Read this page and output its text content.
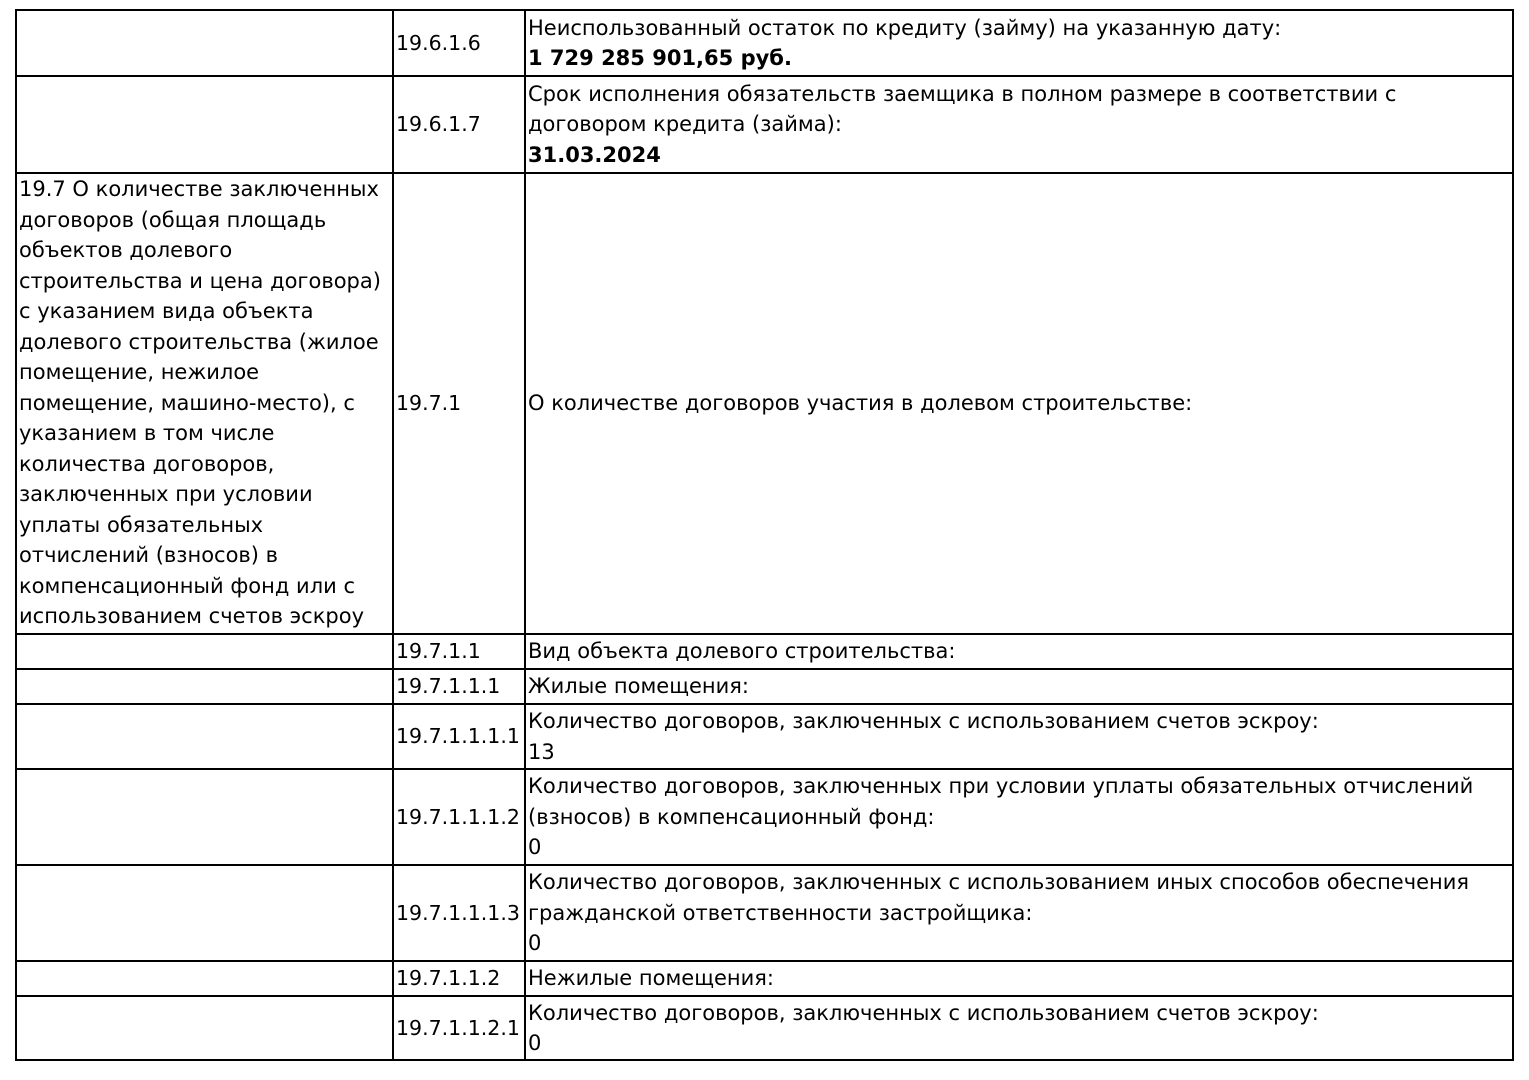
	19.6.1.6	Неиспользованный остаток по кредиту (займу) на указанную дату:
1 729 285 901,65 руб.

	19.6.1.7	Срок исполнения обязательств заемщика в полном размере в соответствии с договором кредита (займа):
31.03.2024

19.7 О количестве заключенных договоров (общая площадь объектов долевого строительства и цена договора) с указанием вида объекта долевого строительства (жилое помещение, нежилое помещение, машино-место), с указанием в том числе количества договоров, заключенных при условии уплаты обязательных отчислений (взносов) в компенсационный фонд или с использованием счетов эскроу	19.7.1	О количестве договоров участия в долевом строительстве:

	19.7.1.1	Вид объекта долевого строительства:

	19.7.1.1.1	Жилые помещения:

	19.7.1.1.1.1	Количество договоров, заключенных с использованием счетов эскроу:
13

	19.7.1.1.1.2	Количество договоров, заключенных при условии уплаты обязательных отчислений (взносов) в компенсационный фонд:
0

	19.7.1.1.1.3	Количество договоров, заключенных с использованием иных способов обеспечения гражданской ответственности застройщика:
0

	19.7.1.1.2	Нежилые помещения:

	19.7.1.1.2.1	Количество договоров, заключенных с использованием счетов эскроу:
0
